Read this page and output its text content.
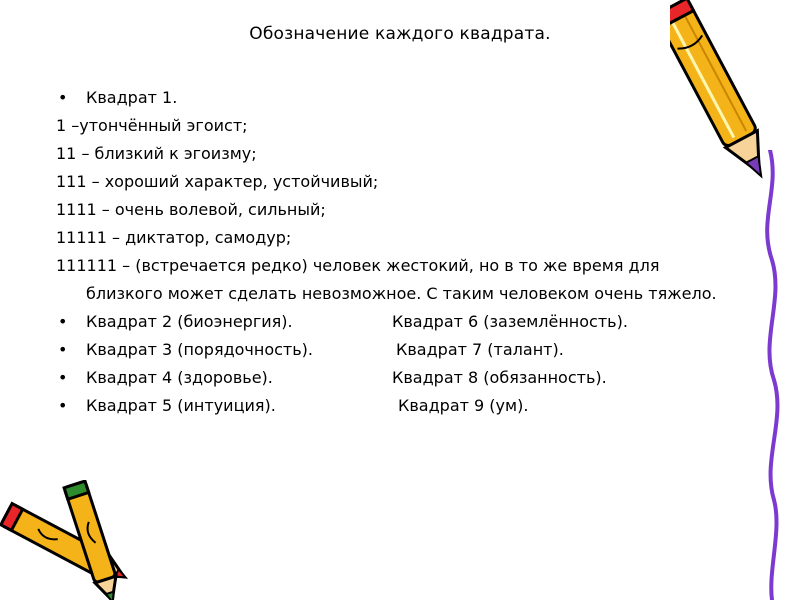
Обозначение каждого квадрата.
• Квадрат 1.
1 –утончённый эгоист;
11 – близкий к эгоизму;
111 – хороший характер, устойчивый;
1111 – очень волевой, сильный;
11111 – диктатор, самодур;
111111 – (встречается редко) человек жестокий, но в то же время для близкого может сделать невозможное. С таким человеком очень тяжело.
• Квадрат 2 (биоэнергия).	Квадрат 6 (заземлённость).
• Квадрат 3 (порядочность).	Квадрат 7 (талант).
• Квадрат 4 (здоровье).	Квадрат 8 (обязанность).
• Квадрат 5 (интуиция).	Квадрат 9 (ум).
